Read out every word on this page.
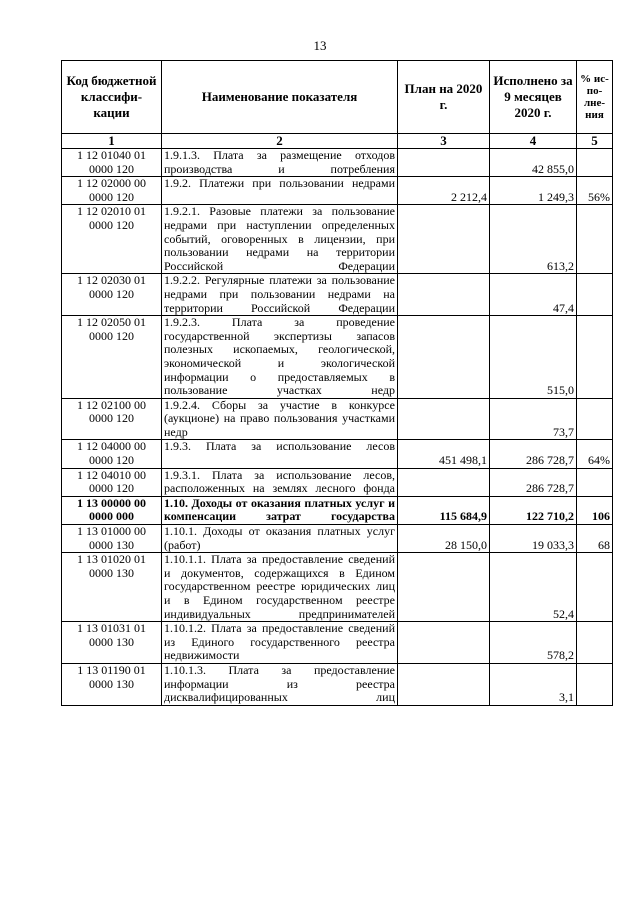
13
Код бюджетной классифи-кации	Наименование показателя	План на 2020 г.	Исполнено за 9 месяцев 2020 г.	% ис-по-лне-ния
1	2	3	4	5
1 12 01040 01 0000 120	1.9.1.3. Плата за размещение отходов производства и потребления		42 855,0	
1 12 02000 00 0000 120	1.9.2. Платежи при пользовании недрами	2 212,4	1 249,3	56%
1 12 02010 01 0000 120	1.9.2.1. Разовые платежи за пользование недрами при наступлении определенных событий, оговоренных в лицензии, при пользовании недрами на территории Российской Федерации		613,2	
1 12 02030 01 0000 120	1.9.2.2. Регулярные платежи за пользование недрами при пользовании недрами на территории Российской Федерации		47,4	
1 12 02050 01 0000 120	1.9.2.3. Плата за проведение государственной экспертизы запасов полезных ископаемых, геологической, экономической и экологической информации о предоставляемых в пользование участках недр		515,0	
1 12 02100 00 0000 120	1.9.2.4. Сборы за участие в конкурсе (аукционе) на право пользования участками недр		73,7	
1 12 04000 00 0000 120	1.9.3. Плата за использование лесов	451 498,1	286 728,7	64%
1 12 04010 00 0000 120	1.9.3.1. Плата за использование лесов, расположенных на землях лесного фонда		286 728,7	
1 13 00000 00 0000 000	1.10. Доходы от оказания платных услуг и компенсации затрат государства	115 684,9	122 710,2	106
1 13 01000 00 0000 130	1.10.1. Доходы от оказания платных услуг (работ)	28 150,0	19 033,3	68
1 13 01020 01 0000 130	1.10.1.1. Плата за предоставление сведений и документов, содержащихся в Едином государственном реестре юридических лиц и в Едином государственном реестре индивидуальных предпринимателей		52,4	
1 13 01031 01 0000 130	1.10.1.2. Плата за предоставление сведений из Единого государственного реестра недвижимости		578,2	
1 13 01190 01 0000 130	1.10.1.3. Плата за предоставление информации из реестра дисквалифицированных лиц		3,1	
